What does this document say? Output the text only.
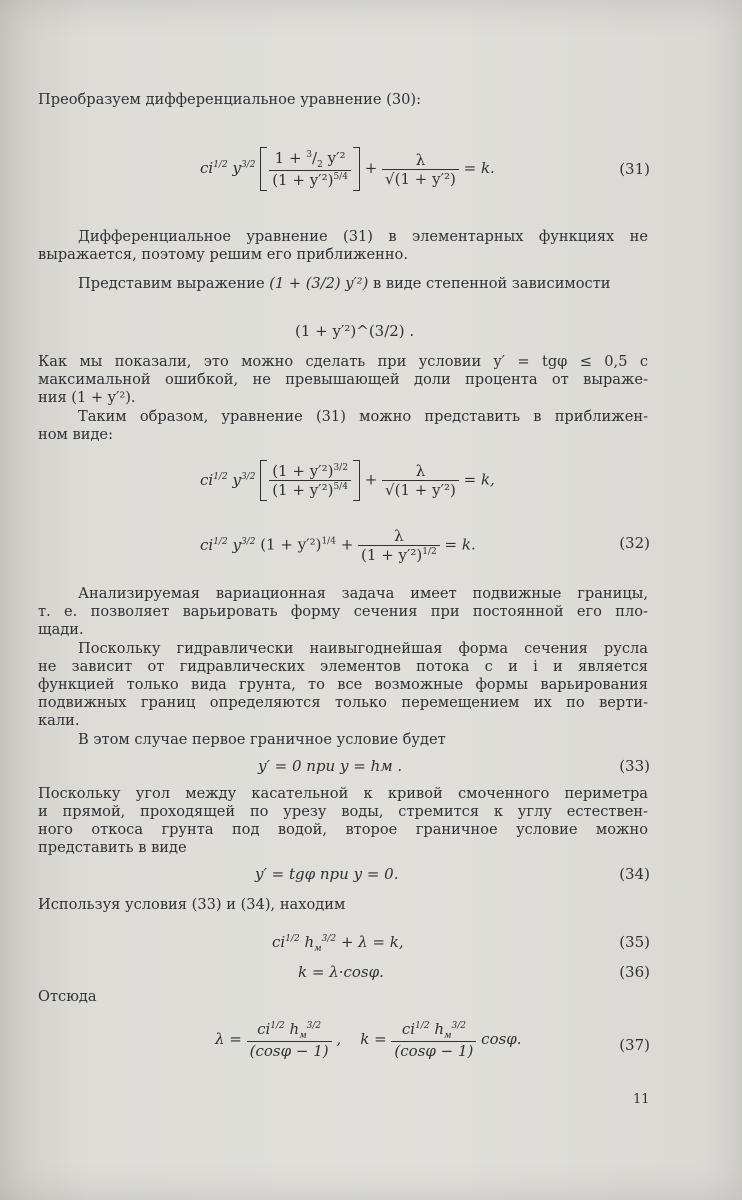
Преобразуем дифференциальное уравнение (30):
$ci^{1/2}$ $y^{3/2} \frac{1 + ^3/_2 y'^2}{(1 + y'^2)^{5/4}} + \frac{\lambda}{\text{√(1 + y′²)}} = k$.	(31)
Дифференциальное уравнение (31) в элементарных функциях не
выражается, поэтому решим его приближенно.
Представим выражение (1 + (3/2) y′²) в виде степенной зависимости
(1 + y′²)^(3/2) .
Как мы показали, это можно сделать при условии y′ = tgφ ≤ 0,5 с
максимальной ошибкой, не превышающей доли процента от выраже-
ния (1 + y′²).
Таким образом, уравнение (31) можно представить в приближен-
ном виде:
$ci^{1/2}$ $y^{3/2} \frac{(1 + y'^2)^{3/2}}{(1 + y'^2)^{5/4}} + \frac{\lambda}{\text{√(1 + y′²)}} = k$,
$ci^{1/2}$ $y^{3/2}$ $(1 + y'^2)^{1/4} + \frac{\lambda}{(1 + y'^2)^{1/2}} = k$.	(32)
Анализируемая вариационная задача имеет подвижные границы,
т. е. позволяет варьировать форму сечения при постоянной его пло-
щади.
Поскольку гидравлически наивыгоднейшая форма сечения русла
не зависит от гидравлических элементов потока c и i и является
функцией только вида грунта, то все возможные формы варьирования
подвижных границ определяются только перемещением их по верти-
кали.
В этом случае первое граничное условие будет
y′ = 0 при y = hм .	(33)
Поскольку угол между касательной к кривой смоченного периметра
и прямой, проходящей по урезу воды, стремится к углу естествен-
ного откоса грунта под водой, второе граничное условие можно
представить в виде
y′ = tgφ при y = 0.	(34)
Используя условия (33) и (34), находим
$ci^{1/2}$ $h_м^{3/2} + \lambda = k$,	(35)
k = λ·cosφ.	(36)
Отсюда
$\lambda = \frac{ci^{1/2} h_м^{3/2}}{(\cos\varphi - 1)}$ ,    $k = \frac{ci^{1/2} h_м^{3/2}}{(\cos\varphi - 1)} \cos\varphi$.	(37)
11
